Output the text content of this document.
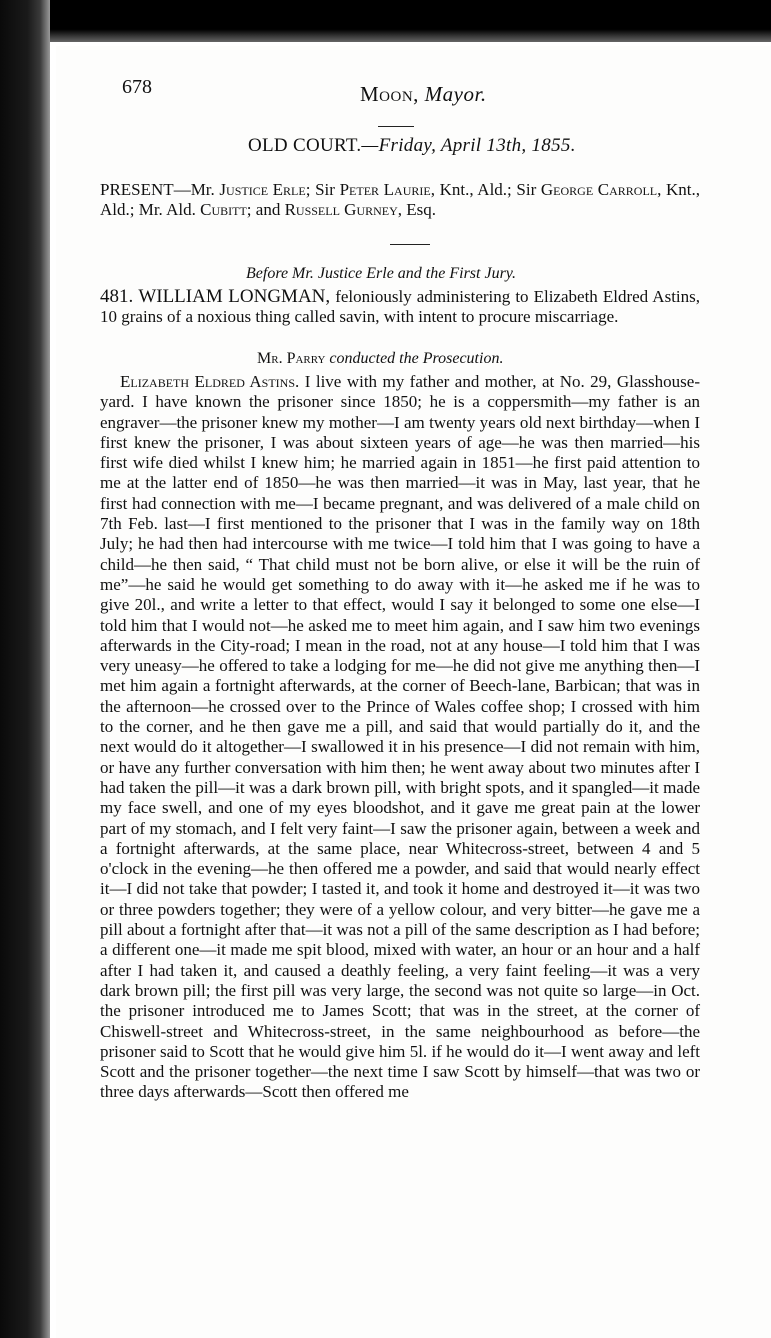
678	Moon, Mayor.
OLD COURT.—Friday, April 13th, 1855.
PRESENT—Mr. Justice Erle; Sir Peter Laurie, Knt., Ald.; Sir George Carroll, Knt., Ald.; Mr. Ald. Cubitt; and Russell Gurney, Esq.
Before Mr. Justice Erle and the First Jury.
481. WILLIAM LONGMAN, feloniously administering to Elizabeth Eldred Astins, 10 grains of a noxious thing called savin, with intent to procure miscarriage.
Mr. Parry conducted the Prosecution.
Elizabeth Eldred Astins. I live with my father and mother, at No. 29, Glasshouse-yard. I have known the prisoner since 1850; he is a coppersmith—my father is an engraver—the prisoner knew my mother—I am twenty years old next birthday—when I first knew the prisoner, I was about sixteen years of age—he was then married—his first wife died whilst I knew him; he married again in 1851—he first paid attention to me at the latter end of 1850—he was then married—it was in May, last year, that he first had connection with me—I became pregnant, and was delivered of a male child on 7th Feb. last—I first mentioned to the prisoner that I was in the family way on 18th July; he had then had intercourse with me twice—I told him that I was going to have a child—he then said, “ That child must not be born alive, or else it will be the ruin of me”—he said he would get something to do away with it—he asked me if he was to give 20l., and write a letter to that effect, would I say it belonged to some one else—I told him that I would not—he asked me to meet him again, and I saw him two evenings afterwards in the City-road; I mean in the road, not at any house—I told him that I was very uneasy—he offered to take a lodging for me—he did not give me anything then—I met him again a fortnight afterwards, at the corner of Beech-lane, Barbican; that was in the afternoon—he crossed over to the Prince of Wales coffee shop; I crossed with him to the corner, and he then gave me a pill, and said that would partially do it, and the next would do it altogether—I swallowed it in his presence—I did not remain with him, or have any further conversation with him then; he went away about two minutes after I had taken the pill—it was a dark brown pill, with bright spots, and it spangled—it made my face swell, and one of my eyes bloodshot, and it gave me great pain at the lower part of my stomach, and I felt very faint—I saw the prisoner again, between a week and a fortnight afterwards, at the same place, near Whitecross-street, between 4 and 5 o'clock in the evening—he then offered me a powder, and said that would nearly effect it—I did not take that powder; I tasted it, and took it home and destroyed it—it was two or three powders together; they were of a yellow colour, and very bitter—he gave me a pill about a fortnight after that—it was not a pill of the same description as I had before; a different one—it made me spit blood, mixed with water, an hour or an hour and a half after I had taken it, and caused a deathly feeling, a very faint feeling—it was a very dark brown pill; the first pill was very large, the second was not quite so large—in Oct. the prisoner introduced me to James Scott; that was in the street, at the corner of Chiswell-street and Whitecross-street, in the same neighbourhood as before—the prisoner said to Scott that he would give him 5l. if he would do it—I went away and left Scott and the prisoner together—the next time I saw Scott by himself—that was two or three days afterwards—Scott then offered me
